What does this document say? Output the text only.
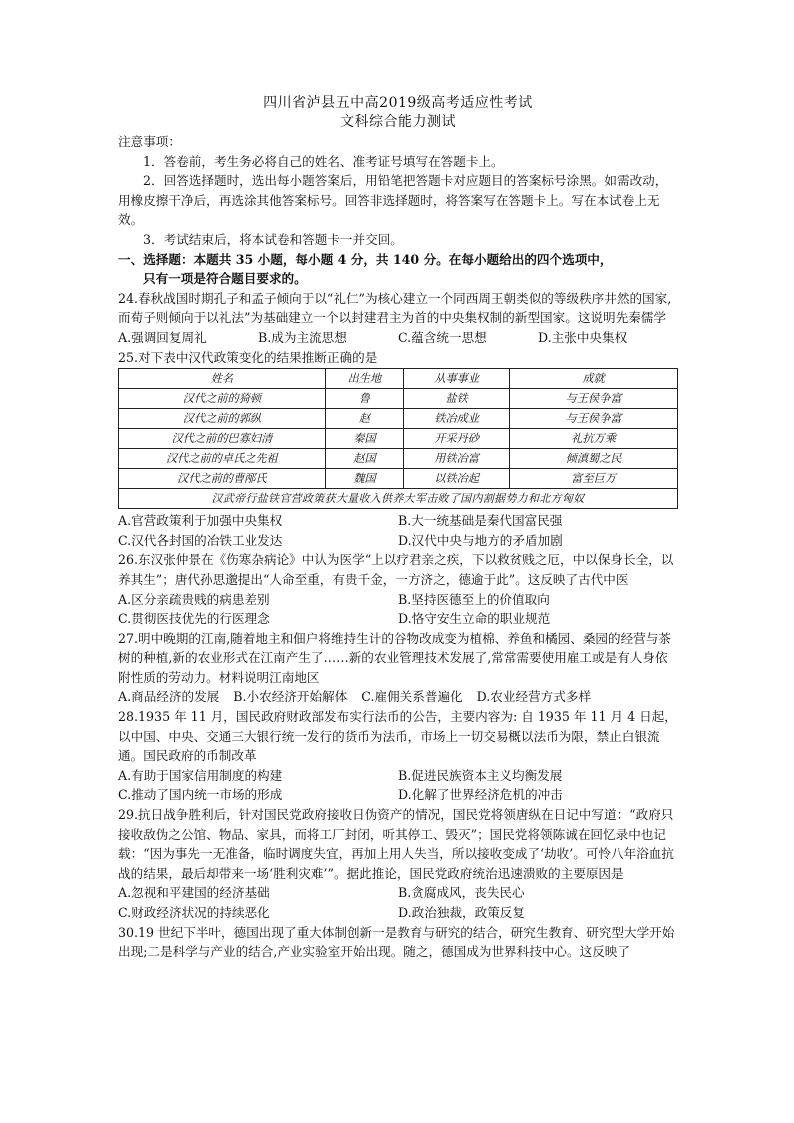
四川省泸县五中高2019级高考适应性考试
文科综合能力测试

注意事项：

1．答卷前，考生务必将自己的姓名、准考证号填写在答题卡上。

2．回答选择题时，选出每小题答案后，用铅笔把答题卡对应题目的答案标号涂黑。如需改动，用橡皮擦干净后，再选涂其他答案标号。回答非选择题时，将答案写在答题卡上。写在本试卷上无效。

3．考试结束后，将本试卷和答题卡一并交回。

一、选择题：本题共 35 小题，每小题 4 分，共 140 分。在每小题给出的四个选项中，

只有一项是符合题目要求的。

24.春秋战国时期孔子和孟子倾向于以“礼仁”为核心建立一个同西周王朝类似的等级秩序井然的国家,而荀子则倾向于以礼法”为基础建立一个以封建君主为首的中央集权制的新型国家。这说明先秦儒学

A.强调回复周礼	B.成为主流思想	C.蕴含统一思想	D.主张中央集权

25.对下表中汉代政策变化的结果推断正确的是

姓名	出生地	从事事业	成就
汉代之前的猗顿	鲁	盐铁	与王侯争富
汉代之前的郭纵	赵	铁冶成业	与王侯争富
汉代之前的巴寡妇清	秦国	开采丹砂	礼抗万乘
汉代之前的卓氏之先祖	赵国	用铁冶富	倾滇蜀之民
汉代之前的曹邴氏	魏国	以铁冶起	富至巨万
汉武帝行盐铁官营政策获大量收入供养大军击败了国内割据势力和北方匈奴			
A.官营政策利于加强中央集权	B.大一统基础是秦代国富民强
C.汉代各封国的冶铁工业发达	D.汉代中央与地方的矛盾加剧

26.东汉张仲景在《伤寒杂病论》中认为医学“上以疗君亲之疾，下以救贫贱之厄，中以保身长全，以养其生”；唐代孙思邈提出“人命至重，有贵千金，一方济之，德逾于此”。这反映了古代中医

A.区分亲疏贵贱的病患差别	B.坚持医德至上的价值取向
C.贯彻医技优先的行医理念	D.恪守安生立命的职业规范

27.明中晚期的江南,随着地主和佃户将维持生计的谷物改成变为植棉、养鱼和橘园、桑园的经营与茶树的种植,新的农业形式在江南产生了……新的农业管理技术发展了,常常需要使用雇工或是有人身依附性质的劳动力。材料说明江南地区

A.商品经济的发展 B.小农经济开始解体 C.雇佣关系普遍化 D.农业经营方式多样

28.1935 年 11 月，国民政府财政部发布实行法币的公告，主要内容为: 自 1935 年 11 月 4 日起，以中国、中央、交通三大银行统一发行的货币为法币，市场上一切交易概以法币为限，禁止白银流通。国民政府的币制改革

A.有助于国家信用制度的构建	B.促进民族资本主义均衡发展
C.推动了国内统一市场的形成	D.化解了世界经济危机的冲击

29.抗日战争胜利后，针对国民党政府接收日伪资产的情况，国民党将领唐纵在日记中写道：“政府只接收敌伪之公馆、物品、家具，而将工厂封闭，听其停工、毁灭”；国民党将领陈诚在回忆录中也记载：“因为事先一无准备，临时调度失宜，再加上用人失当，所以接收变成了‘劫收’。可怜八年浴血抗战的结果，最后却带来一场‘胜利灾难’”。据此推论，国民党政府统治迅速溃败的主要原因是

A.忽视和平建国的经济基础	B.贪腐成风，丧失民心
C.财政经济状况的持续恶化	D.政治独裁，政策反复

30.19 世纪下半叶，德国出现了重大体制创新一是教育与研究的结合，研究生教育、研究型大学开始出现;二是科学与产业的结合,产业实验室开始出现。随之，德国成为世界科技中心。这反映了
